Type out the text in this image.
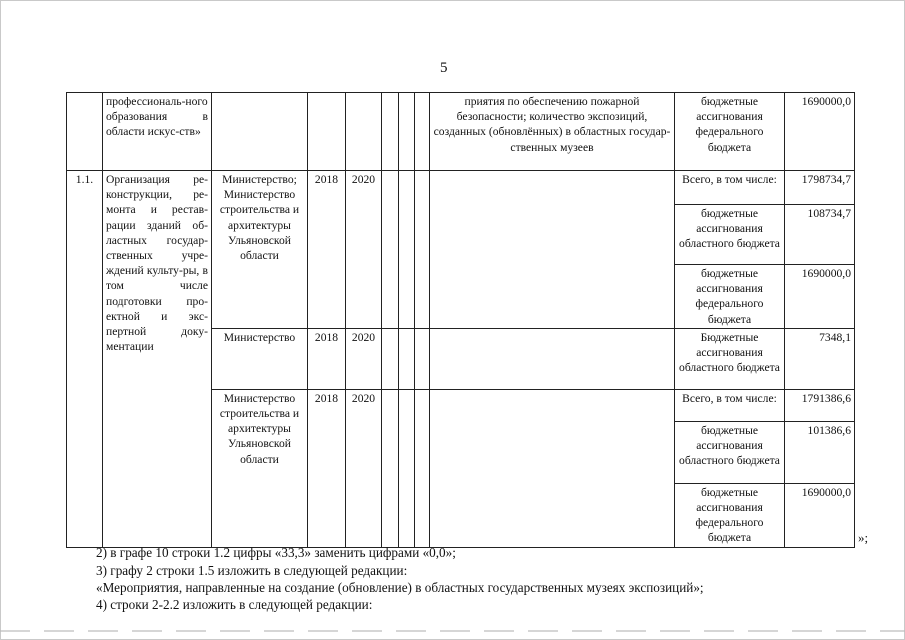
5
	профессиональ-ного образования в области искус-ств»							приятия по обеспечению пожарной безопасности; количество экспозиций, созданных (обновлённых) в областных государ-ственных музеев	бюджетные ассигнования федерального бюджета	1690000,0
1.1.	Организация ре-конструкции, ре-монта и рестав-рации зданий об-ластных государ-ственных учре-ждений культу-ры, в том числе подготовки про-ектной и экс-пертной доку-ментации	Министерство; Министерство строительства и архитектуры Ульяновской области	2018	2020					Всего, в том числе:	1798734,7
									бюджетные ассигнования областного бюджета	108734,7
									бюджетные ассигнования федерального бюджета	1690000,0
		Министерство	2018	2020					Бюджетные ассигнования областного бюджета	7348,1
		Министерство строительства и архитектуры Ульяновской области	2018	2020					Всего, в том числе:	1791386,6
									бюджетные ассигнования областного бюджета	101386,6
									бюджетные ассигнования федерального бюджета	1690000,0
»;
2) в графе 10 строки 1.2 цифры «33,3» заменить цифрами «0,0»;
3) графу 2 строки 1.5 изложить в следующей редакции:
«Мероприятия, направленные на создание (обновление) в областных государственных музеях экспозиций»;
4) строки 2-2.2 изложить в следующей редакции:
